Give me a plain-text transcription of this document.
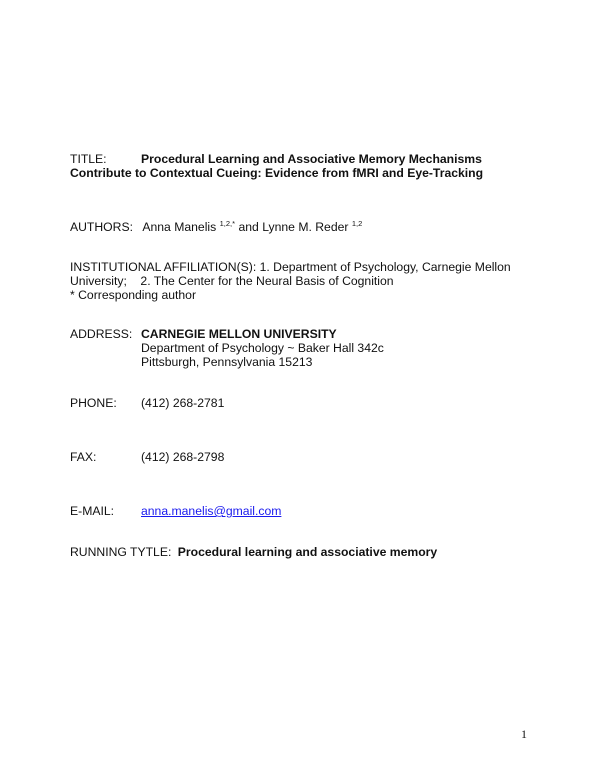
TITLE:	Procedural Learning and Associative Memory Mechanisms
Contribute to Contextual Cueing: Evidence from fMRI and Eye-Tracking
AUTHORS: Anna Manelis $^{1,2,*}$ and Lynne M. Reder $^{1,2}$
INSTITUTIONAL AFFILIATION(S): 1. Department of Psychology, Carnegie Mellon
University;    2. The Center for the Neural Basis of Cognition
* Corresponding author
ADDRESS: CARNEGIE MELLON UNIVERSITY
Department of Psychology ~ Baker Hall 342c
Pittsburgh, Pennsylvania 15213
PHONE:	(412) 268-2781
FAX:	(412) 268-2798
E-MAIL:	anna.manelis@gmail.com
RUNNING TYTLE: Procedural learning and associative memory
1
